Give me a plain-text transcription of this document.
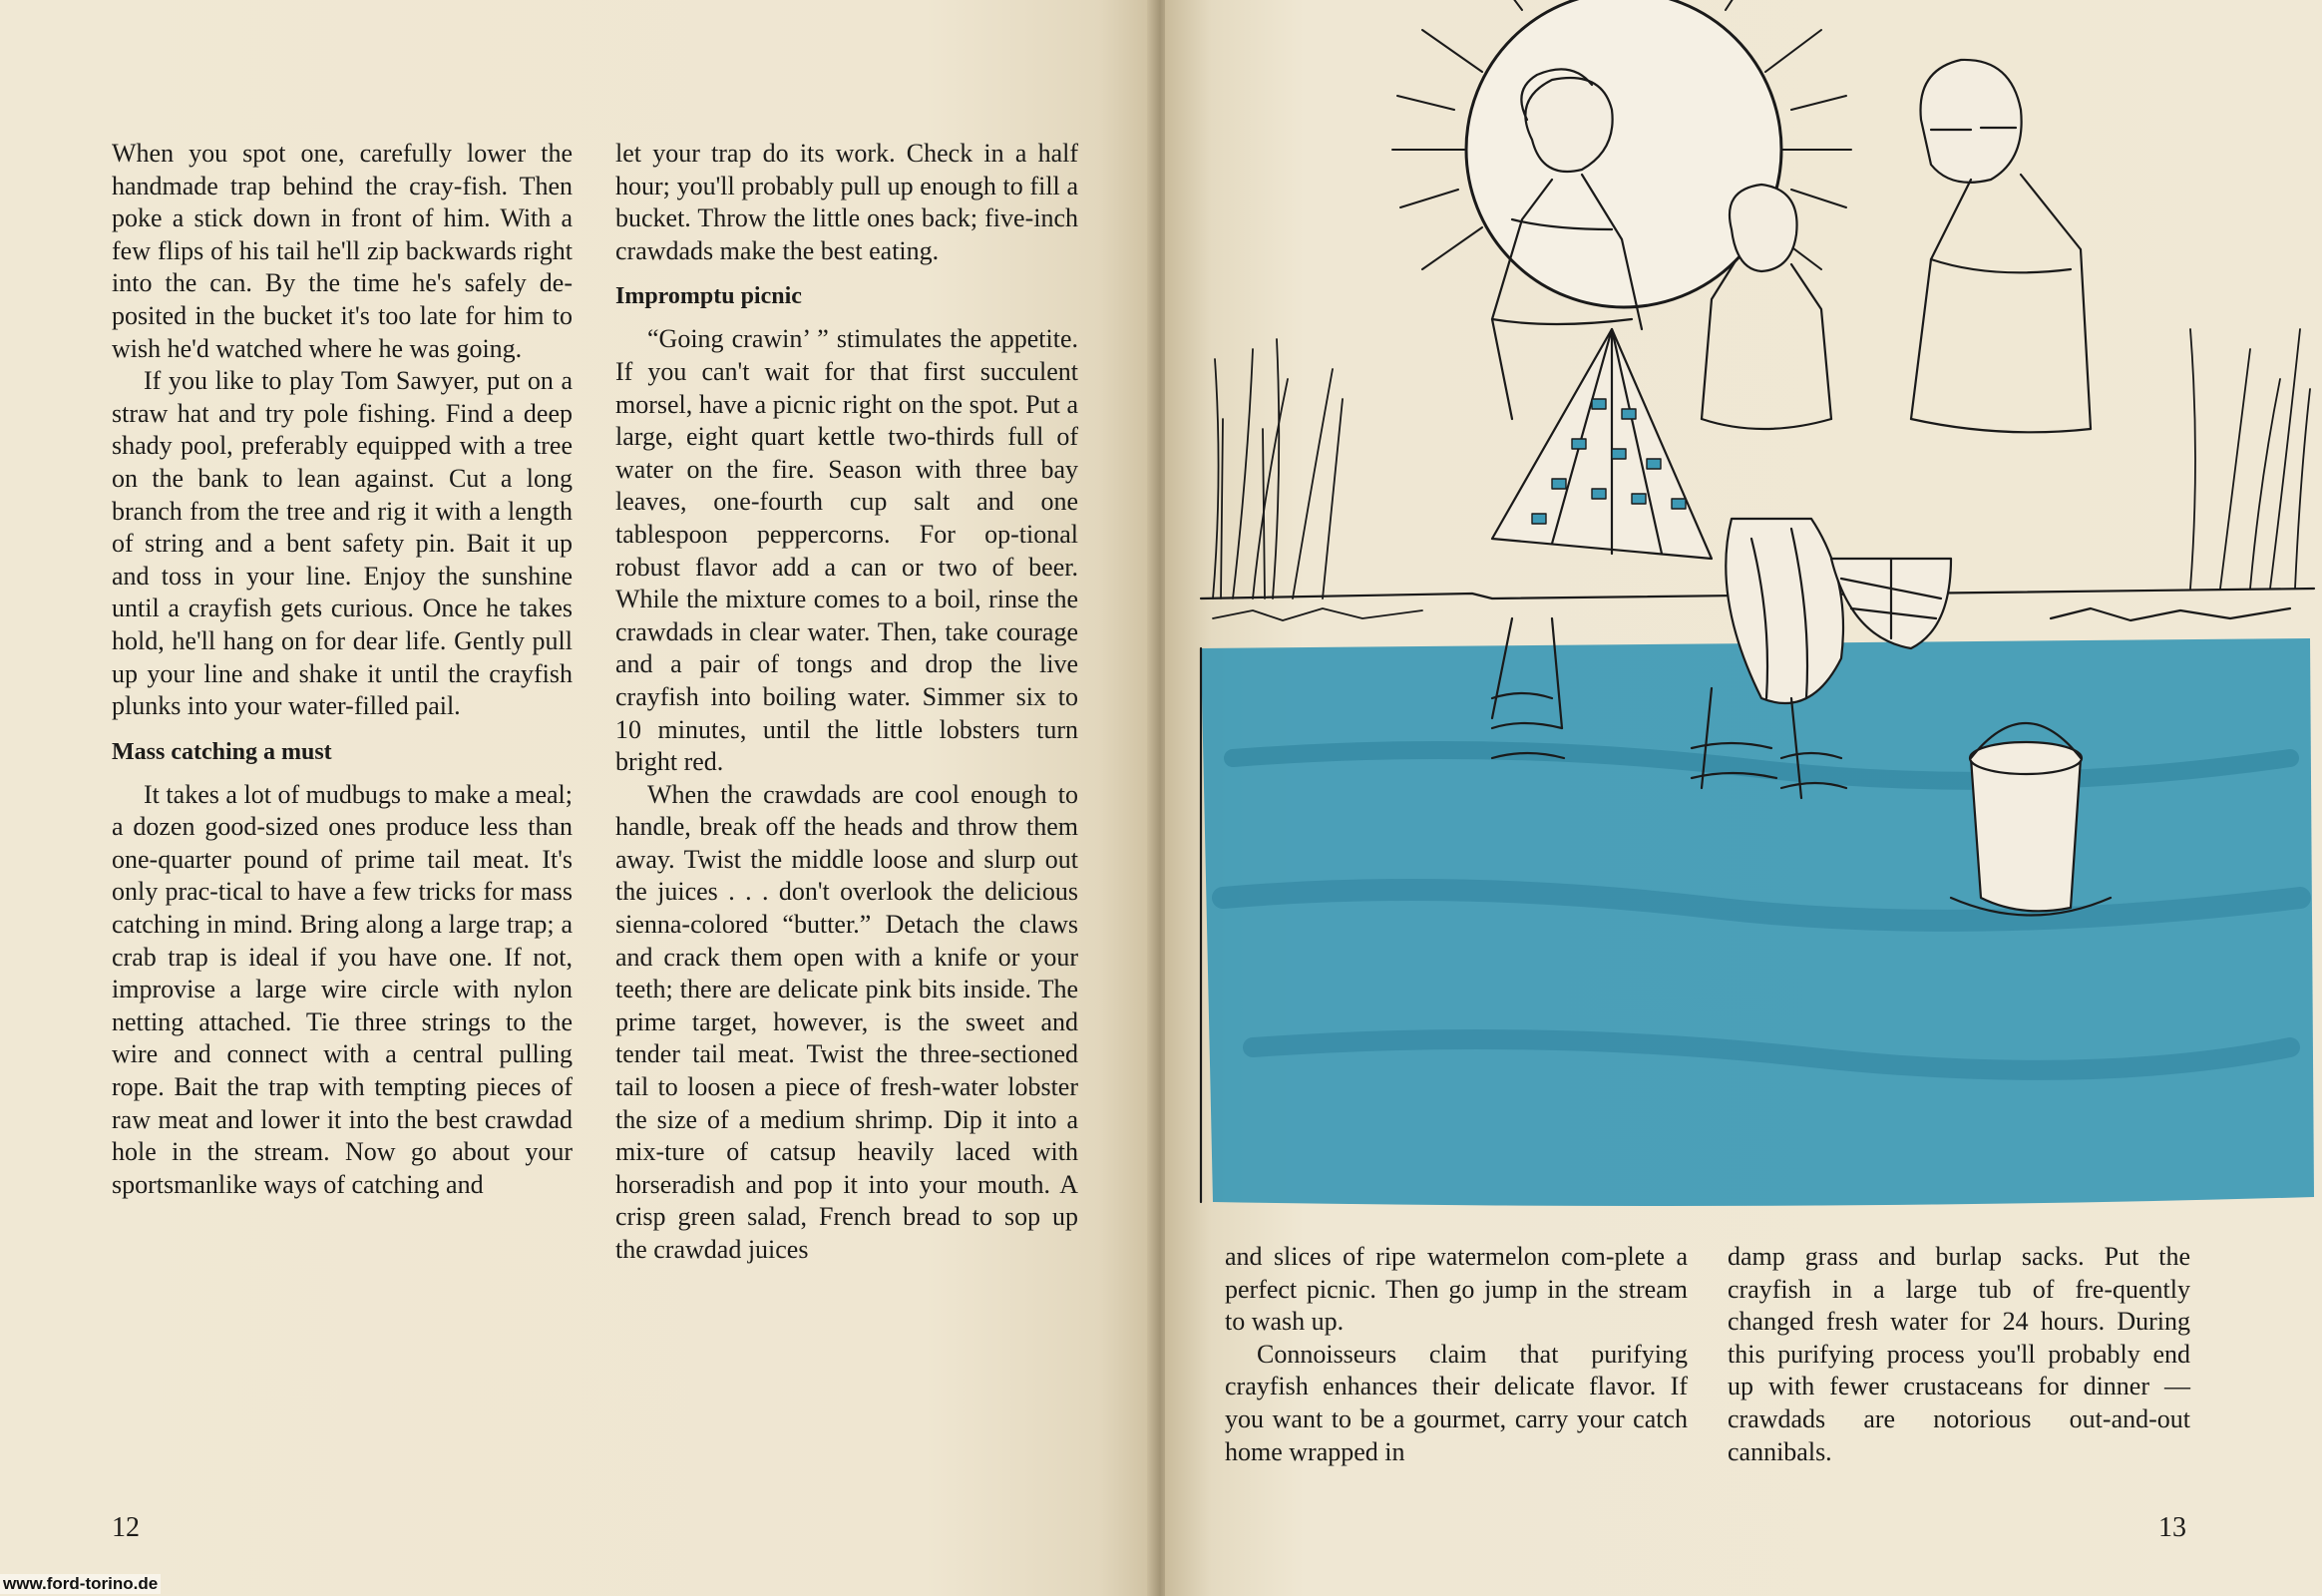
When you spot one, carefully lower the handmade trap behind the cray-fish. Then poke a stick down in front of him. With a few flips of his tail he'll zip backwards right into the can. By the time he's safely de-posited in the bucket it's too late for him to wish he'd watched where he was going.

If you like to play Tom Sawyer, put on a straw hat and try pole fishing. Find a deep shady pool, preferably equipped with a tree on the bank to lean against. Cut a long branch from the tree and rig it with a length of string and a bent safety pin. Bait it up and toss in your line. Enjoy the sunshine until a crayfish gets curious. Once he takes hold, he'll hang on for dear life. Gently pull up your line and shake it until the crayfish plunks into your water-filled pail.

Mass catching a must

It takes a lot of mudbugs to make a meal; a dozen good-sized ones produce less than one-quarter pound of prime tail meat. It's only prac-tical to have a few tricks for mass catching in mind. Bring along a large trap; a crab trap is ideal if you have one. If not, improvise a large wire circle with nylon netting attached. Tie three strings to the wire and connect with a central pulling rope. Bait the trap with tempting pieces of raw meat and lower it into the best crawdad hole in the stream. Now go about your sportsmanlike ways of catching and

let your trap do its work. Check in a half hour; you'll probably pull up enough to fill a bucket. Throw the little ones back; five-inch crawdads make the best eating.

Impromptu picnic

“Going crawin’ ” stimulates the appetite. If you can't wait for that first succulent morsel, have a picnic right on the spot. Put a large, eight quart kettle two-thirds full of water on the fire. Season with three bay leaves, one-fourth cup salt and one tablespoon peppercorns. For op-tional robust flavor add a can or two of beer. While the mixture comes to a boil, rinse the crawdads in clear water. Then, take courage and a pair of tongs and drop the live crayfish into boiling water. Simmer six to 10 minutes, until the little lobsters turn bright red.

When the crawdads are cool enough to handle, break off the heads and throw them away. Twist the middle loose and slurp out the juices . . . don't overlook the delicious sienna-colored “butter.” Detach the claws and crack them open with a knife or your teeth; there are delicate pink bits inside. The prime target, however, is the sweet and tender tail meat. Twist the three-sectioned tail to loosen a piece of fresh-water lobster the size of a medium shrimp. Dip it into a mix-ture of catsup heavily laced with horseradish and pop it into your mouth. A crisp green salad, French bread to sop up the crawdad juices

12

and slices of ripe watermelon com-plete a perfect picnic. Then go jump in the stream to wash up.

Connoisseurs claim that purifying crayfish enhances their delicate flavor. If you want to be a gourmet, carry your catch home wrapped in

damp grass and burlap sacks. Put the crayfish in a large tub of fre-quently changed fresh water for 24 hours. During this purifying process you'll probably end up with fewer crustaceans for dinner — crawdads are notorious out-and-out cannibals.

13
www.ford-torino.de
